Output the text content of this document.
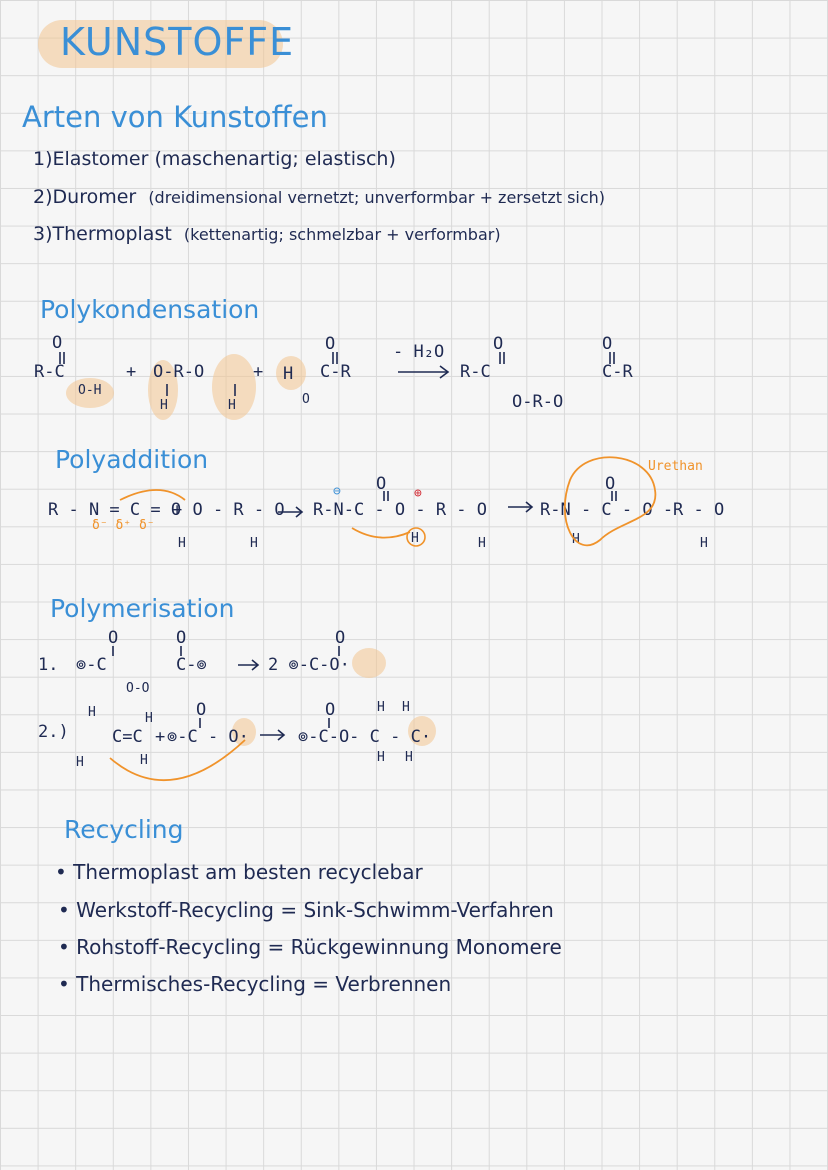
KUNSTOFFE
Arten von Kunstoffen
1)Elastomer (maschenartig; elastisch)
2)Duromer (dreidimensional vernetzt; unverformbar + zersetzt sich)
3)Thermoplast (kettenartig; schmelzbar + verformbar)
Polykondensation
O
R-C
O-H
+ O-R-O
H	H
+ H
O
C-R
O
- H₂O	O
R-C
O-R-O
O
C-R
Polyaddition
R - N = C = O
δ⁻ δ⁺ δ⁻
+ O - R - O
H	H
⊖ O
R-N-C - O - R - O
⊕
H
H
Urethan
O
R-N - C - O -R - O
H	H
Polymerisation
1.
O
⊚-C
O-O
O
C-⊚
O
2 ⊚-C-O·
2.)
H	H
C=C
H	H
+
O
⊚-C - O·
O
⊚-C-O- C - C·
H H
H H
Recycling
• Thermoplast am besten recyclebar
• Werkstoff-Recycling = Sink-Schwimm-Verfahren
• Rohstoff-Recycling = Rückgewinnung Monomere
• Thermisches-Recycling = Verbrennen
